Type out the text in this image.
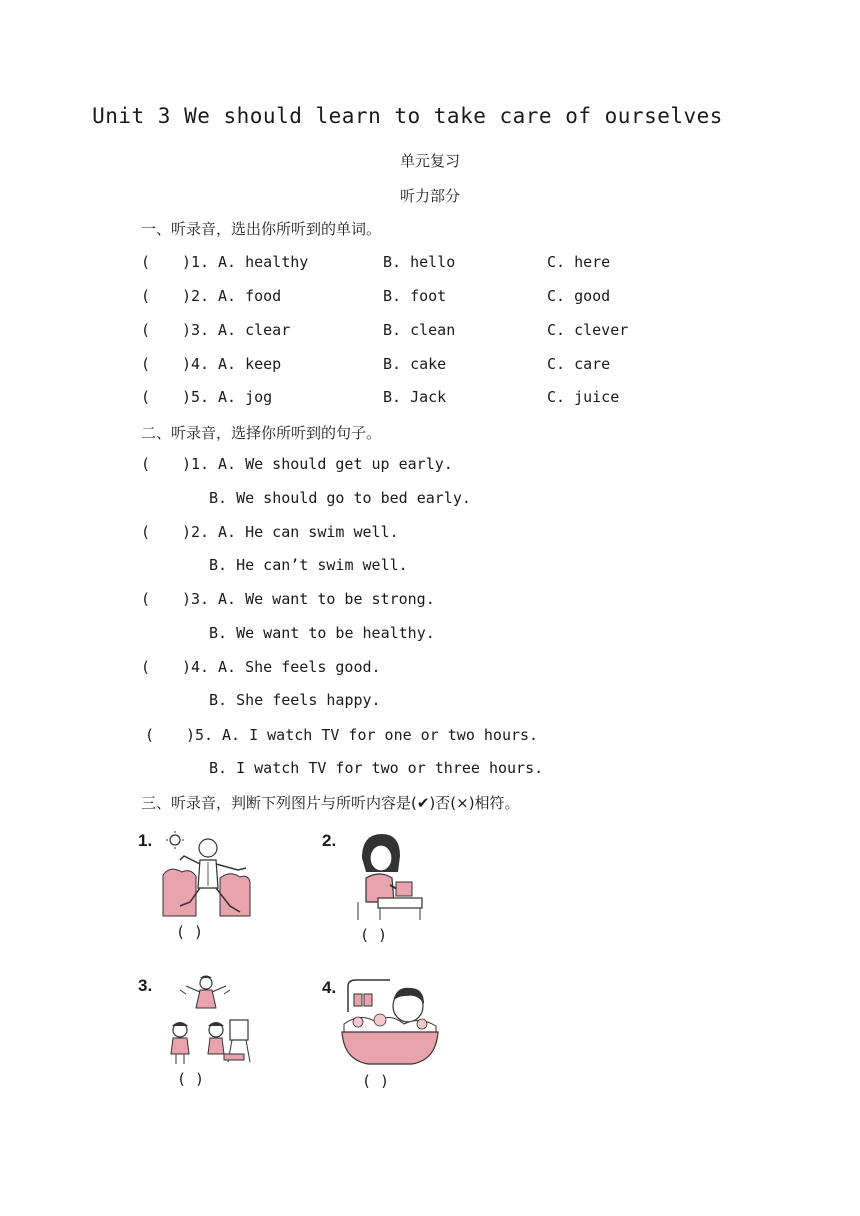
Unit 3 We should learn to take care of ourselves
单元复习
听力部分
一、听录音，选出你所听到的单词。
( )1. A. healthy	B. hello	C. here
( )2. A. food	B. foot	C. good
( )3. A. clear	B. clean	C. clever
( )4. A. keep	B. cake	C. care
( )5. A. jog	B. Jack	C. juice
二、听录音，选择你所听到的句子。
( )1. A. We should get up early.
B. We should go to bed early.
( )2. A. He can swim well.
B. He can’t swim well.
( )3. A. We want to be strong.
B. We want to be healthy.
( )4. A. She feels good.
B. She feels happy.
( )5. A. I watch TV for one or two hours.
B. I watch TV for two or three hours.
三、听录音，判断下列图片与所听内容是(✔)否(×)相符。
1.
( )
2.
( )
3.
( )
4.
( )
